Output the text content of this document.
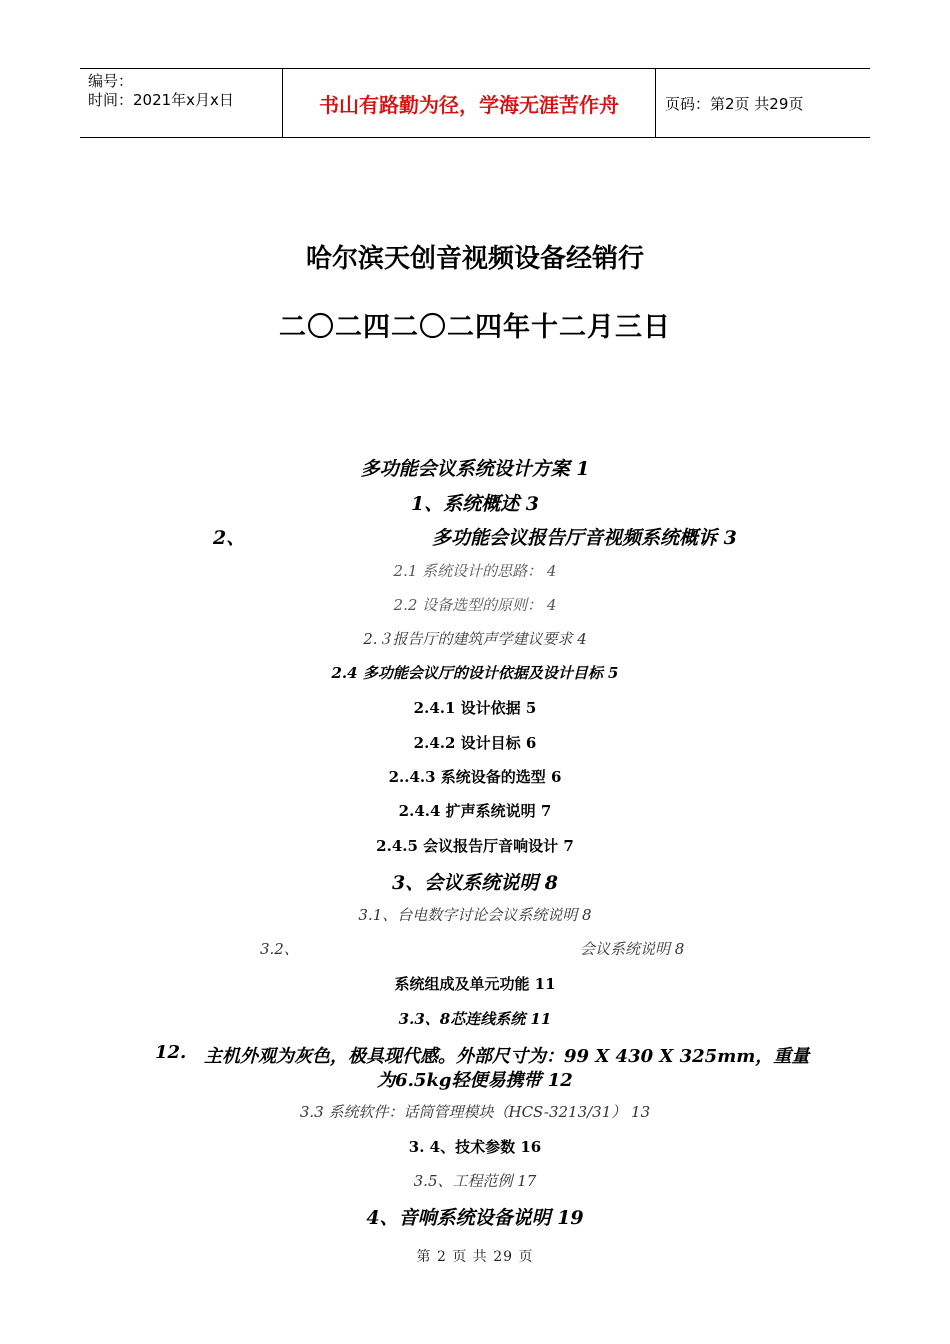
编号：
时间：2021年x月x日	书山有路勤为径，学海无涯苦作舟	页码：第2页 共29页
哈尔滨天创音视频设备经销行
二〇二四二〇二四年十二月三日
多功能会议系统设计方案 1
1、系统概述 3
2、	多功能会议报告厅音视频系统概诉 3
2.1 系统设计的思路： 4
2.2 设备选型的原则： 4
2.３报告厅的建筑声学建议要求 4
2.4 多功能会议厅的设计依据及设计目标 5
2.4.1 设计依据 5
2.4.2 设计目标 6
2..4.3 系统设备的选型 6
2.4.4 扩声系统说明 7
2.4.5 会议报告厅音响设计 7
3、会议系统说明 8
3.1、台电数字讨论会议系统说明 8
3.2、	会议系统说明 8
系统组成及单元功能 11
3.3、8芯连线系统 11
12. 主机外观为灰色，极具现代感。外部尺寸为：99 X 430 X 325mm，重量
为6.5kg轻便易携带 12
3.3 系统软件：话筒管理模块（HCS-3213/31） 13
3. 4、技术参数 16
3.5、工程范例 17
4、音响系统设备说明 19
第 2 页 共 29 页
